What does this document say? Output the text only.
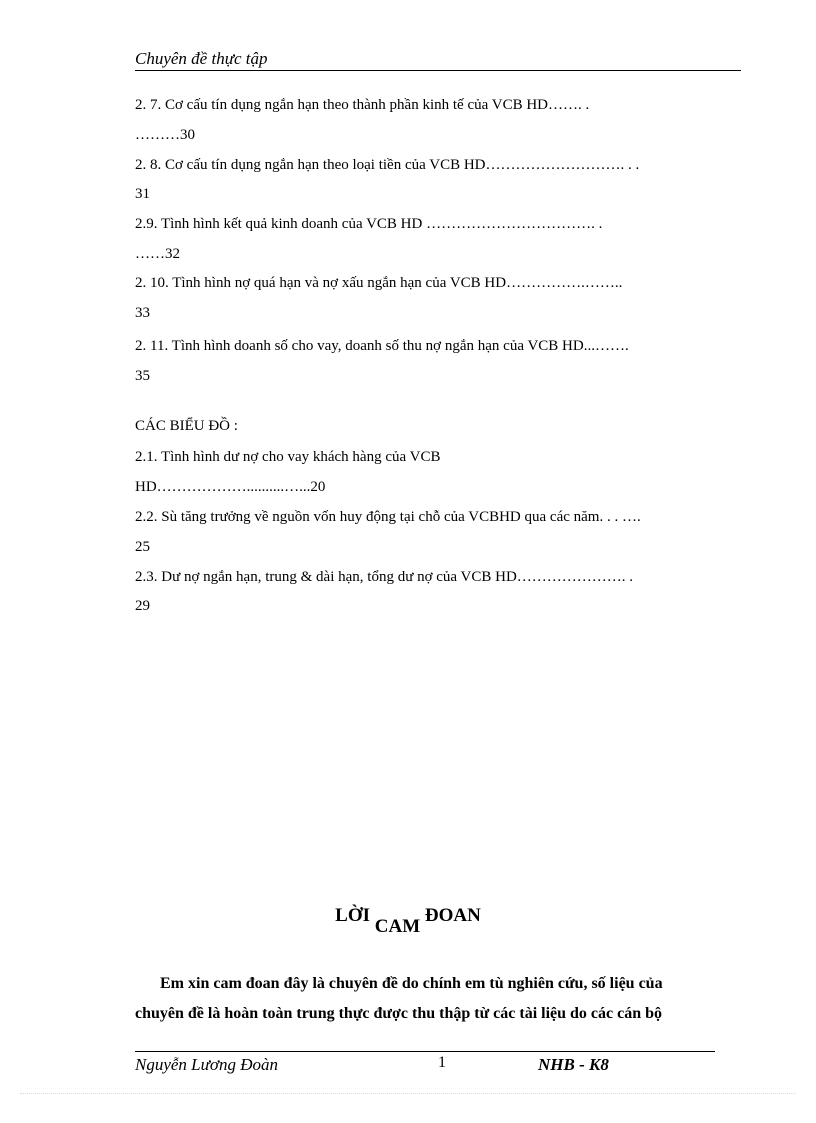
Chuyên đề thực tập
2. 7. Cơ cấu tín dụng ngắn hạn theo thành phần kinh tế của VCB HD……. .
………30
2. 8. Cơ cấu tín dụng ngắn hạn theo loại tiền của VCB HD………………………. . .
31
2.9. Tình hình kết quả kinh doanh của VCB HD ……………………………. .
……32
2. 10. Tình hình nợ quá hạn và nợ xấu ngắn hạn của VCB HD…………….……..
33
2. 11. Tình hình doanh số cho vay, doanh số thu nợ ngắn hạn của VCB HD...…….
35
CÁC BIỂU ĐỒ :
2.1. Tình hình dư nợ cho vay khách hàng của VCB
HD………………..........…...20
2.2. Sù tăng trưởng về nguồn vốn huy động tại chỗ của VCBHD qua các năm. . . ….
25
2.3. Dư nợ ngắn hạn, trung & dài hạn, tổng dư nợ của VCB HD…………………. .
29
LỜI CAM ĐOAN
Em xin cam đoan đây là chuyên đề do chính em tù nghiên cứu, số liệu của
chuyên đề là hoàn toàn trung thực được thu thập từ các tài liệu do các cán bộ
Nguyễn Lương Đoàn	1	NHB - K8
